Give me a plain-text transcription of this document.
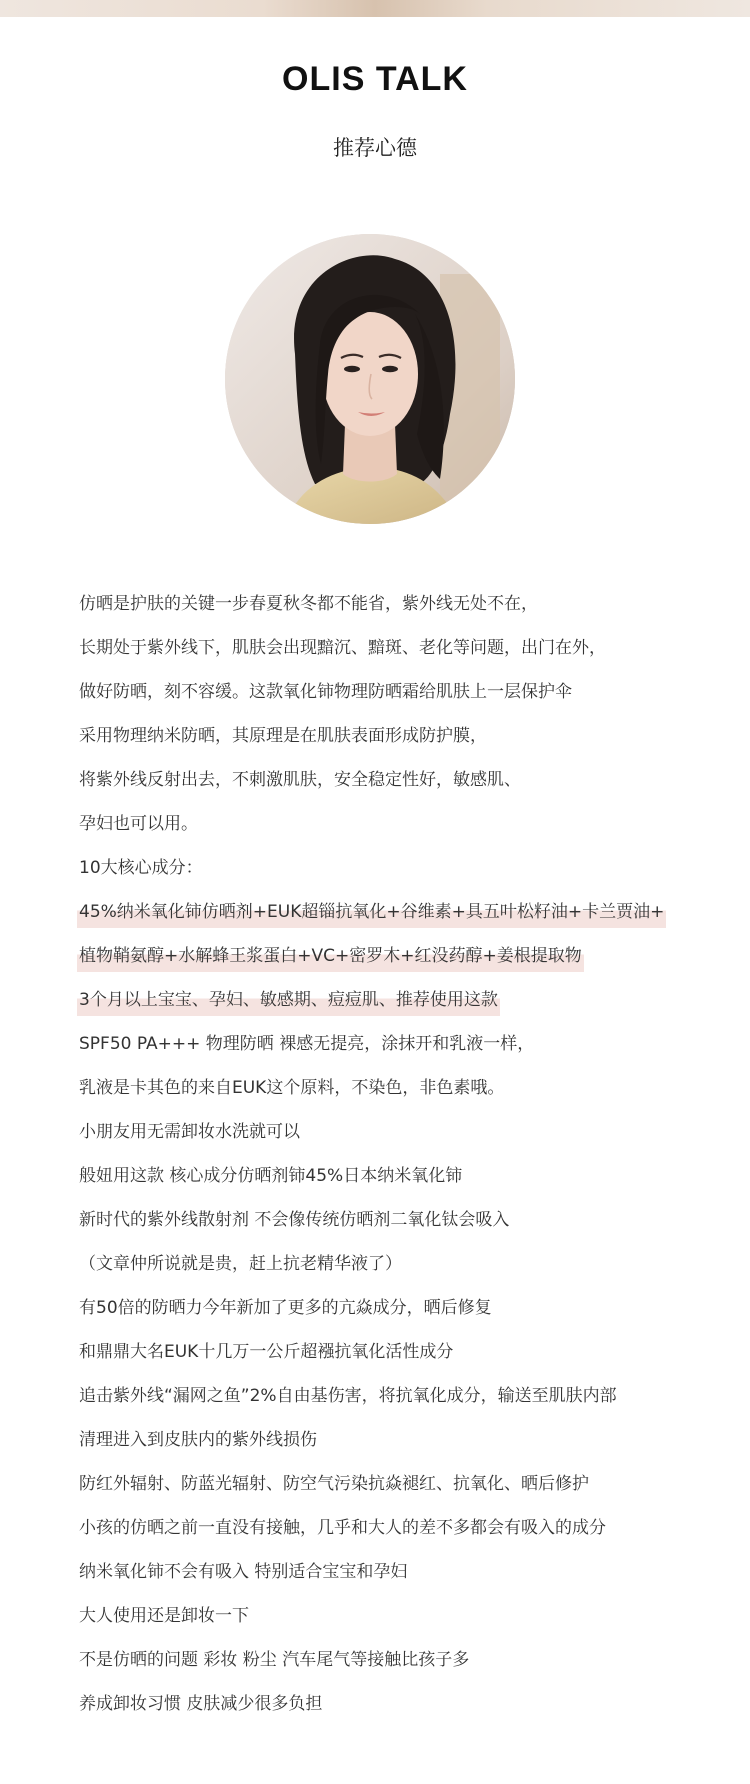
OLIS TALK
推荐心德
仿晒是护肤的关键一步春夏秋冬都不能省，紫外线无处不在，
长期处于紫外线下，肌肤会出现黯沉、黯斑、老化等问题，出门在外，
做好防晒，刻不容缓。这款氧化铈物理防晒霜给肌肤上一层保护伞
采用物理纳米防晒，其原理是在肌肤表面形成防护膜，
将紫外线反射出去，不刺激肌肤，安全稳定性好，敏感肌、
孕妇也可以用。
10大核心成分：
45%纳米氧化铈仿晒剂+EUK超锱抗氧化+谷维素+具五叶松籽油+卡兰贾油+
植物鞘氨醇+水解蜂王浆蛋白+VC+密罗木+红没药醇+姜根提取物
3个月以上宝宝、孕妇、敏感期、痘痘肌、推荐使用这款
SPF50 PA+++ 物理防晒 裸感无提亮，涂抹开和乳液一样，
乳液是卡其色的来自EUK这个原料，不染色，非色素哦。
小朋友用无需卸妆水洗就可以
般妞用这款 核心成分仿晒剂铈45%日本纳米氧化铈
新时代的紫外线散射剂 不会像传统仿晒剂二氧化钛会吸入
（文章仲所说就是贵，赶上抗老精华液了）
有50倍的防晒力今年新加了更多的亢焱成分，晒后修复
和鼎鼎大名EUK十几万一公斤超襁抗氧化活性成分
追击紫外线“漏网之鱼”2%自由基伤害，将抗氧化成分，输送至肌肤内部
清理进入到皮肤内的紫外线损伤
防红外辐射、防蓝光辐射、防空气污染抗焱褪红、抗氧化、晒后修护
小孩的仿晒之前一直没有接触，几乎和大人的差不多都会有吸入的成分
纳米氧化铈不会有吸入 特别适合宝宝和孕妇
大人使用还是卸妆一下
不是仿晒的问题 彩妆 粉尘 汽车尾气等接触比孩子多
养成卸妆习惯 皮肤减少很多负担
